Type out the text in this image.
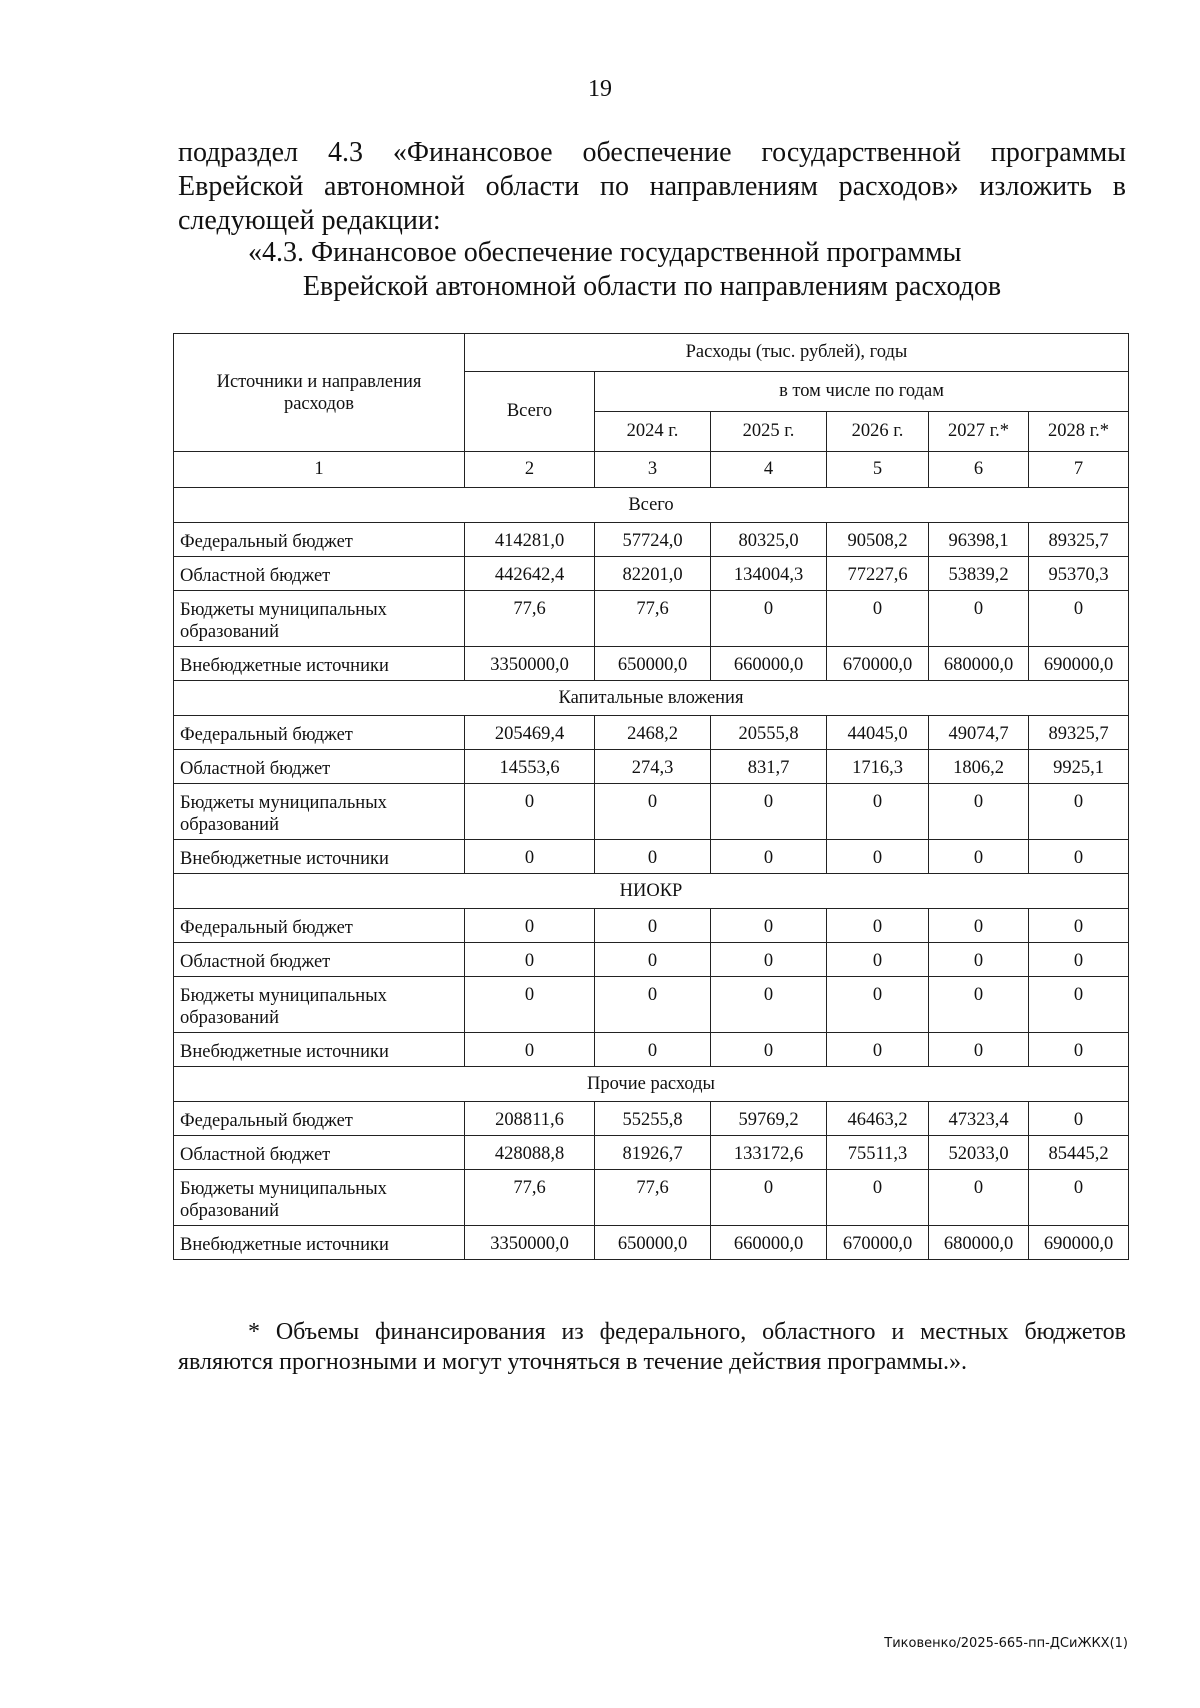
19
подраздел 4.3 «Финансовое обеспечение государственной программы Еврейской автономной области по направлениям расходов» изложить в следующей редакции:
«4.3. Финансовое обеспечение государственной программы
Еврейской автономной области по направлениям расходов
Источники и направления расходов	Расходы (тыс. рублей), годы					
	Всего	в том числе по годам				
		2024 г.	2025 г.	2026 г.	2027 г.*	2028 г.*
1	2	3	4	5	6	7
Всего						
Федеральный бюджет	414281,0	57724,0	80325,0	90508,2	96398,1	89325,7
Областной бюджет	442642,4	82201,0	134004,3	77227,6	53839,2	95370,3
Бюджеты муниципальных образований	77,6	77,6	0	0	0	0
Внебюджетные источники	3350000,0	650000,0	660000,0	670000,0	680000,0	690000,0
Капитальные вложения						
Федеральный бюджет	205469,4	2468,2	20555,8	44045,0	49074,7	89325,7
Областной бюджет	14553,6	274,3	831,7	1716,3	1806,2	9925,1
Бюджеты муниципальных образований	0	0	0	0	0	0
Внебюджетные источники	0	0	0	0	0	0
НИОКР						
Федеральный бюджет	0	0	0	0	0	0
Областной бюджет	0	0	0	0	0	0
Бюджеты муниципальных образований	0	0	0	0	0	0
Внебюджетные источники	0	0	0	0	0	0
Прочие расходы						
Федеральный бюджет	208811,6	55255,8	59769,2	46463,2	47323,4	0
Областной бюджет	428088,8	81926,7	133172,6	75511,3	52033,0	85445,2
Бюджеты муниципальных образований	77,6	77,6	0	0	0	0
Внебюджетные источники	3350000,0	650000,0	660000,0	670000,0	680000,0	690000,0
* Объемы финансирования из федерального, областного и местных бюджетов являются прогнозными и могут уточняться в течение действия программы.».
Тиковенко/2025-665-пп-ДСиЖКХ(1)
